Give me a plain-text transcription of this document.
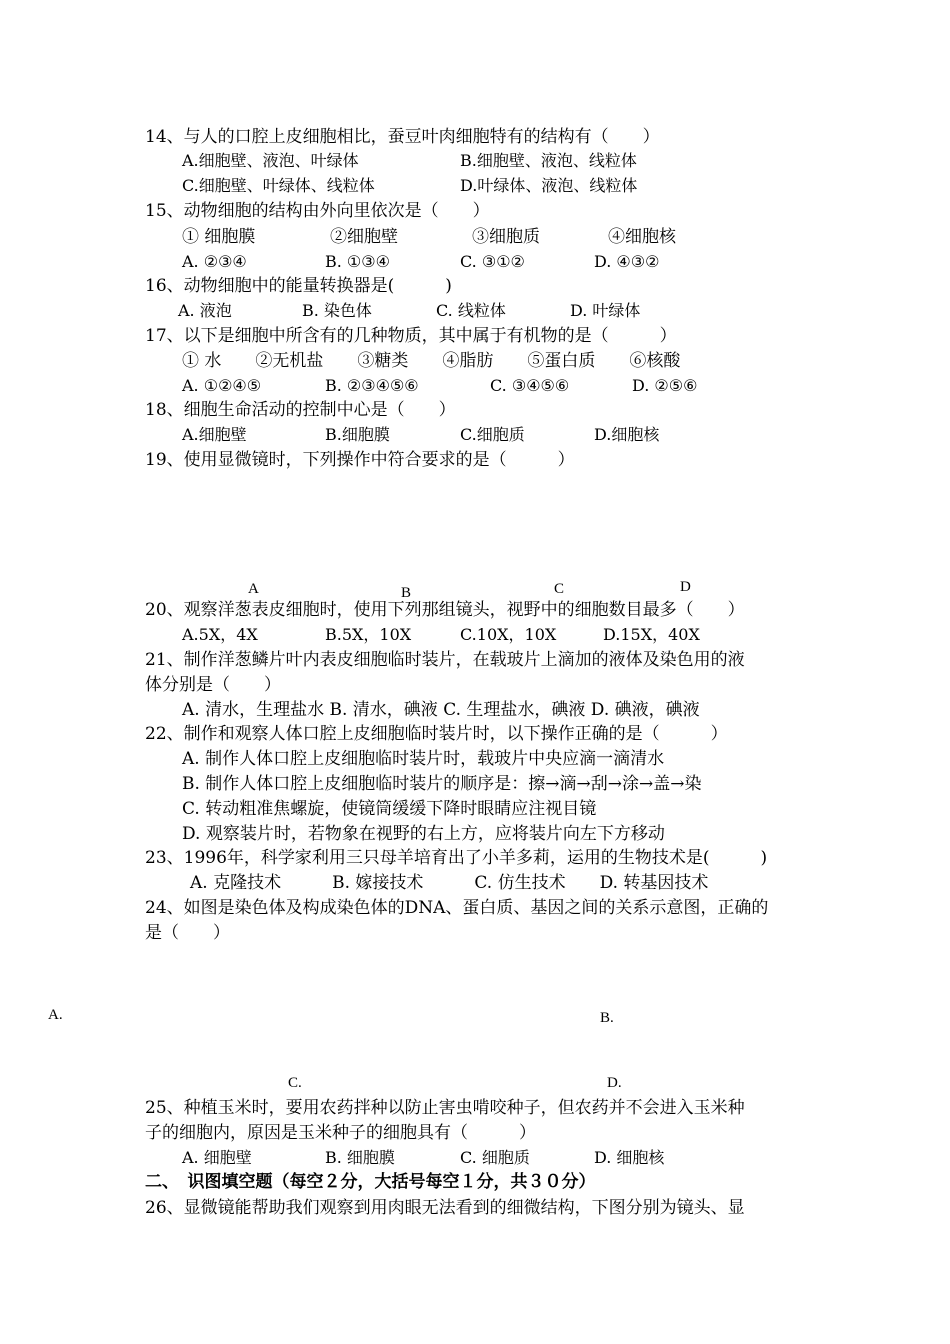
14、与人的口腔上皮细胞相比，蚕豆叶肉细胞特有的结构有（　　）
A.细胞壁、液泡、叶绿体	B.细胞壁、液泡、线粒体
C.细胞壁、叶绿体、线粒体	D.叶绿体、液泡、线粒体
15、动物细胞的结构由外向里依次是（　　）
① 细胞膜	②细胞壁	③细胞质	④细胞核
A. ②③④	B. ①③④	C. ③①②	D. ④③②
16、动物细胞中的能量转换器是(　　　)
A. 液泡	B. 染色体	C. 线粒体	D. 叶绿体
17、以下是细胞中所含有的几种物质，其中属于有机物的是（　　　）
① 水　　②无机盐　　③糖类　　④脂肪　　⑤蛋白质　　⑥核酸
A. ①②④⑤	B. ②③④⑤⑥	C. ③④⑤⑥	D. ②⑤⑥
18、细胞生命活动的控制中心是（　　）
A.细胞壁	B.细胞膜	C.细胞质	D.细胞核
19、使用显微镜时，下列操作中符合要求的是（　　　）
A	B	C	D
20、观察洋葱表皮细胞时，使用下列那组镜头，视野中的细胞数目最多（　　）
A.5X，4X	B.5X，10X	C.10X，10X	D.15X，40X
21、制作洋葱鳞片叶内表皮细胞临时装片，在载玻片上滴加的液体及染色用的液
体分别是（　　）
A. 清水，生理盐水 B. 清水，碘液 C. 生理盐水，碘液 D. 碘液，碘液
22、制作和观察人体口腔上皮细胞临时装片时，以下操作正确的是（　　　）
A. 制作人体口腔上皮细胞临时装片时，载玻片中央应滴一滴清水
B. 制作人体口腔上皮细胞临时装片的顺序是：擦→滴→刮→涂→盖→染
C. 转动粗准焦螺旋，使镜筒缓缓下降时眼睛应注视目镜
D. 观察装片时，若物象在视野的右上方，应将装片向左下方移动
23、1996年，科学家利用三只母羊培育出了小羊多莉，运用的生物技术是(　　　)
A. 克隆技术　　　B. 嫁接技术　　　C. 仿生技术　　D. 转基因技术
24、如图是染色体及构成染色体的DNA、蛋白质、基因之间的关系示意图，正确的
是（　　）
A.	B.
C.	D.
25、种植玉米时，要用农药拌种以防止害虫啃咬种子，但农药并不会进入玉米种
子的细胞内，原因是玉米种子的细胞具有（　　　）
A. 细胞壁	B. 细胞膜	C. 细胞质	D. 细胞核
二、　识图填空题（每空２分，大括号每空１分，共３０分）
26、显微镜能帮助我们观察到用肉眼无法看到的细微结构，下图分别为镜头、显
